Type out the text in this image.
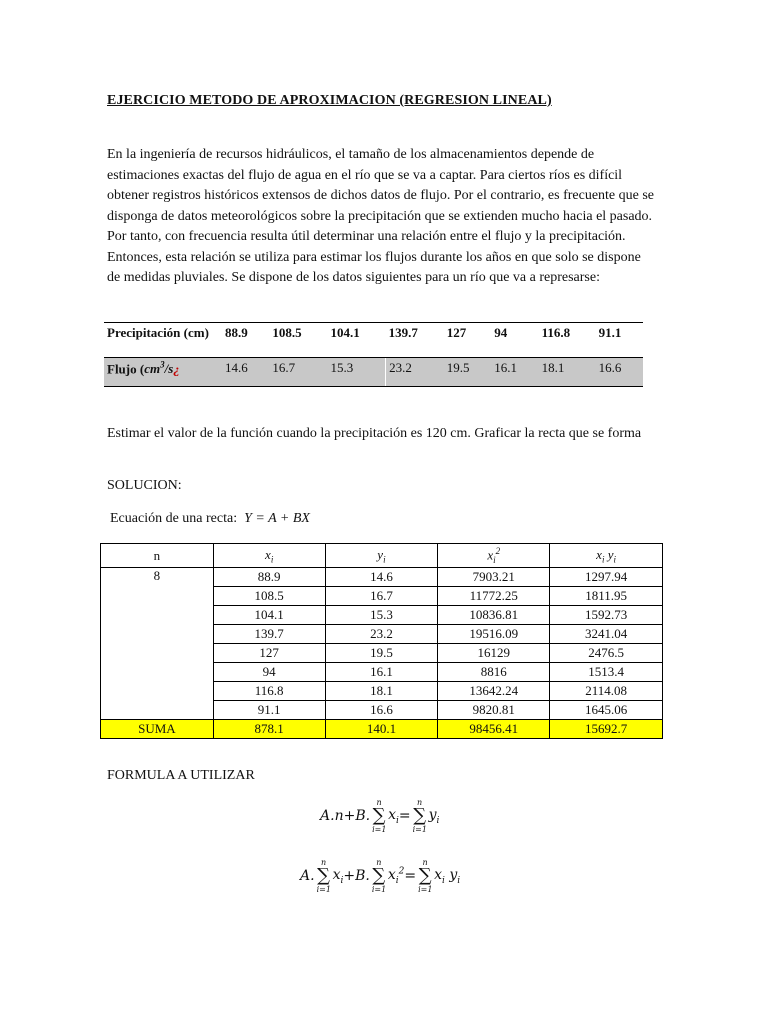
EJERCICIO METODO DE APROXIMACION (REGRESION LINEAL)
En la ingeniería de recursos hidráulicos, el tamaño de los almacenamientos depende de estimaciones exactas del flujo de agua en el río que se va a captar. Para ciertos ríos es difícil obtener registros históricos extensos de dichos datos de flujo. Por el contrario, es frecuente que se disponga de datos meteorológicos sobre la precipitación que se extienden mucho hacia el pasado. Por tanto, con frecuencia resulta útil determinar una relación entre el flujo y la precipitación. Entonces, esta relación se utiliza para estimar los flujos durante los años en que solo se dispone de medidas pluviales. Se dispone de los datos siguientes para un río que va a represarse:
Precipitación (cm)	88.9	108.5	104.1	139.7	127	94	116.8	91.1
Flujo ($cm^3/s¿$	14.6	16.7	15.3	23.2	19.5	16.1	18.1	16.6
Estimar el valor de la función cuando la precipitación es 120 cm. Graficar la recta que se forma
SOLUCION:
Ecuación de una recta: Y = A + BX
n	$x_i$	$y_i$	$x_i^2$	$x_i$ $y_i$
8	88.9	14.6	7903.21	1297.94
	108.5	16.7	11772.25	1811.95
	104.1	15.3	10836.81	1592.73
	139.7	23.2	19516.09	3241.04
	127	19.5	16129	2476.5
	94	16.1	8816	1513.4
	116.8	18.1	13642.24	2114.08
	91.1	16.6	9820.81	1645.06
SUMA	878.1	140.1	98456.41	15692.7
FORMULA A UTILIZAR
A.n+B.
n
∑
i=1
$x_i=$
n
∑
i=1
$y_i$
A.
n
∑
i=1
$x_i+B$.
n
∑
i=1
$x_i^2=$
n
∑
i=1
$x_i$ $y_i$
